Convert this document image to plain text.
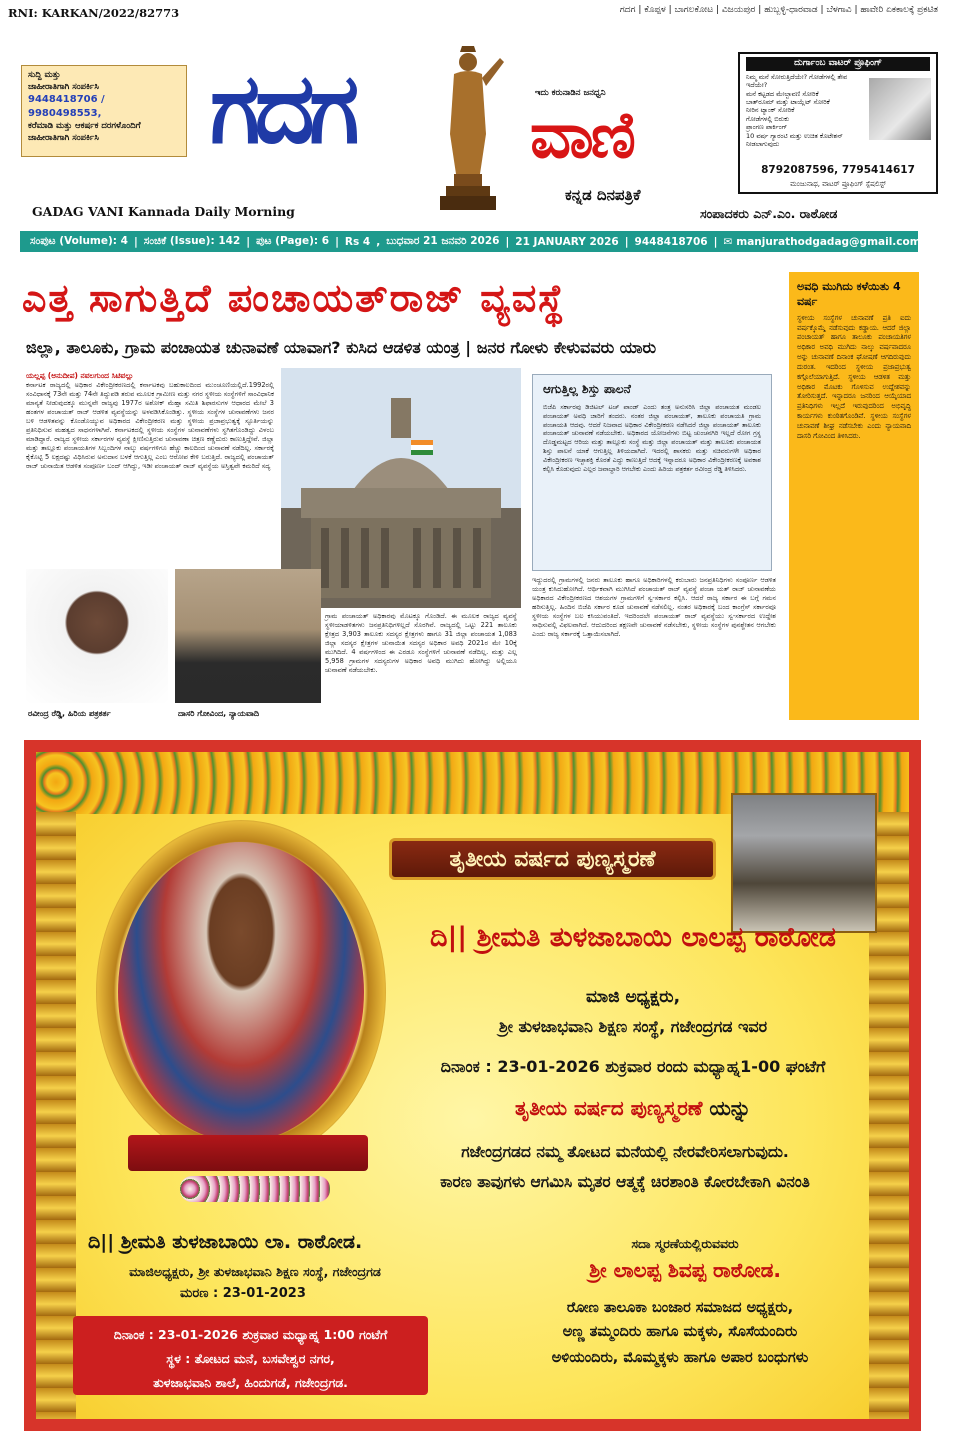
RNI: KARKAN/2022/82773	ಗದಗ | ಕೊಪ್ಪಳ | ಬಾಗಲಕೋಟ | ವಿಜಯಪುರ | ಹುಬ್ಬಳ್ಳಿ-ಧಾರವಾಡ | ಬೆಳಗಾವಿ | ಹಾವೇರಿ ಏಕಕಾಲಕ್ಕೆ ಪ್ರಕಟಿತ
ಸುದ್ದಿ ಮತ್ತು
ಜಾಹೀರಾತಿಗಾಗಿ ಸಂಪರ್ಕಿಸಿ
9448418706 / 9980498553,
ಕರೆಮಾಡಿ ಮತ್ತು ಆಕರ್ಷಕ ದರಗಳೊಂದಿಗೆ
ಜಾಹೀರಾತಿಗಾಗಿ ಸಂಪರ್ಕಿಸಿ	ಗದಗ	ಇದು ಕರುನಾಡಿನ ಜನಧ್ವನಿ
ವಾಣಿ
ಕನ್ನಡ ದಿನಪತ್ರಿಕೆ
GADAG VANI Kannada Daily Morning	ಸಂಪಾದಕರು ಎನ್.ಎಂ. ರಾಠೋಡ
ದುರ್ಗಾಂಬ ವಾಟರ್ ಪ್ರೂಫಿಂಗ್
ನಿಮ್ಮ ಮನೆ ಸೋರುತ್ತಿದೆಯೇ? ಗೋಡೆಗಳಲ್ಲಿ ತೇವ ಇದೆಯೇ?
ಮನೆ ಕಟ್ಟಡದ ಮೇಲ್ಛಾವಣಿ ಸೋರಿಕೆ
ಬಾತ್‌ರೂಮ್ ಮತ್ತು ಟಾಯ್ಲೆಟ್ ಸೋರಿಕೆ
ನೀರಿನ ಟ್ಯಾಂಕ್ ಸೋರಿಕೆ
ಗೋಡೆಗಳಲ್ಲಿ ಬಿರುಕು
ಪ್ರಾಂಗಣ ಪಾರ್ಕಿಂಗ್
10 ವರ್ಷ ಗ್ಯಾರಂಟಿ ಮತ್ತು ಉಚಿತ ಕೊಟೇಶನ್ ನೀಡಲಾಗುವುದು
8792087596, 7795414617
ಮಂಜುನಾಥ, ವಾಟರ್ ಪ್ರೂಫಿಂಗ್ ಸ್ಪೆಷಲಿಸ್ಟ್
ಸಂಪುಟ (Volume): 4 | ಸಂಚಿಕೆ (Issue): 142 | ಪುಟ (Page): 6 | Rs 4 , ಬುಧವಾರ 21 ಜನವರಿ 2026 | 21 JANUARY 2026 | 9448418706 | ✉ manjurathodgadag@gmail.com ◉ ಗದಗ
ಎತ್ತ ಸಾಗುತ್ತಿದೆ ಪಂಚಾಯತ್‌ರಾಜ್ ವ್ಯವಸ್ಥೆ
ಜಿಲ್ಲಾ, ತಾಲೂಕು, ಗ್ರಾಮ ಪಂಚಾಯತ ಚುನಾವಣೆ ಯಾವಾಗ? ಕುಸಿದ ಆಡಳಿತ ಯಂತ್ರ | ಜನರ ಗೋಳು ಕೇಳುವವರು ಯಾರು
ಯಲ್ಲಪ್ಪ (ಅನುದೀಪ) ನವಲಗುಂದ ಸಿಟಿವಲ್ಲು
ಕರ್ನಾಟಕ ರಾಜ್ಯದಲ್ಲಿ ಅಧಿಕಾರ ವಿಕೇಂದ್ರೀಕರಣದಲ್ಲಿ ಕರ್ನಾಟಕವು ಬಹುಕಾಲದಿಂದ ಮುಂಚೂಣಿಯಲ್ಲಿದೆ.1992ರಲ್ಲಿ ಸಂವಿಧಾನಕ್ಕೆ 73ನೇ ಮತ್ತು 74ನೇ ತಿದ್ದುಪಡಿ ತರುವ ಮೂಲಕ ಗ್ರಾಮೀಣ ಮತ್ತು ನಗರ ಸ್ಥಳೀಯ ಸಂಸ್ಥೆಗಳಿಗೆ ಸಾಂವಿಧಾನಿಕ ಮಾನ್ಯತೆ ನೀಡುವುದಕ್ಕೂ ಮುನ್ನವೇ ರಾಜ್ಯವು 1977ರ ಅಶೋಕ್ ಮೆಹ್ತಾ ಸಮಿತಿ ಶಿಫಾರಸುಗಳ ಆಧಾರದ ಮೇಲೆ 3 ಹಂತಗಳ ಪಂಚಾಯತ್ ರಾಜ್ ಆಡಳಿತ ವ್ಯವಸ್ಥೆಯನ್ನು ಅಳವಡಿಸಿಕೊಂಡಿತ್ತು. ಸ್ಥಳೀಯ ಸಂಸ್ಥೆಗಳ ಚುನಾವಣೆಗಳು ಜನರ ಬಳಿ ಆಡಳಿತವನ್ನು ಕೊಂಡೊಯ್ಯುವ ಅಧಿಕಾರದ ವಿಕೇಂದ್ರೀಕರಣ ಮತ್ತು ಸ್ಥಳೀಯ ಪ್ರಜಾಪ್ರಭುತ್ವಕ್ಕೆ ಸ್ಫೂರ್ತಿಯನ್ನು ಪ್ರತಿನಿಧಿಸುವ ಮಹತ್ವದ ಸಾಧನಗಳಾಗಿವೆ. ಕರ್ನಾಟಕದಲ್ಲಿ ಸ್ಥಳೀಯ ಸಂಸ್ಥೆಗಳ ಚುನಾವಣೆಗಳು ಸ್ಥಗಿತಗೊಂಡಿದ್ದು ವಿಳಂಬ ಮಾಡಿದ್ದಾರೆ. ರಾಜ್ಯದ ಸ್ಥಳೀಯ ಸರ್ಕಾರಗಳ ವ್ಯವಸ್ಥೆ ಕ್ಷೀಣಿಸುತ್ತಿರುವ ಚುನಾವಣಾ ಚಿತ್ರಣ ಕಣ್ಣೆದುರು ಕಾಣುತ್ತಿದ್ದೇವೆ. ಜಿಲ್ಲಾ ಮತ್ತು ತಾಲ್ಲೂಕು ಪಂಚಾಯತಿಗಳ ಸಿಬ್ಬಂದಿಗಳ ನಾಲ್ಕು ವರ್ಷಗಳಿಗೂ ಹೆಚ್ಚು ಕಾಲದಿಂದ ಚುನಾವಣೆ ನಡೆದಿಲ್ಲ. ಸರ್ಕಾರಕ್ಕೆ ಕೈಕೊಟ್ಟಿ 5 ಲಕ್ಷದಷ್ಟು ವಿಧಿಸಿರುವ ಅನುದಾನ ಬಳಕೆ ಆಗುತ್ತಿಲ್ಲ ಎಂಬ ಆರೋಪ ಕೇಳಿ ಬರುತ್ತಿದೆ. ರಾಜ್ಯದಲ್ಲಿ ಪಂಚಾಯತ್ ರಾಜ್ ಚುನಾಯಿತ ಆಡಳಿತ ಸಂಪೂರ್ಣ ಬಂದ್ ಆಗಿದ್ದು, ಇಡೀ ಪಂಚಾಯತ್ ರಾಜ್ ವ್ಯವಸ್ಥೆಯ ಅಸ್ತಿತ್ವವೇ ಕಮರಿದೆ ಸದ್ಯ
ಆಗುತ್ತಿಲ್ಲ ಶಿಸ್ತು ಪಾಲನೆ
ಬಿಜೆಪಿ ಸರ್ಕಾರವು ಡಿಜಿಟಲ್ ಟಚ್ ಪಾಂಡ್ ಎಂದು ತಂತ್ರ ಅನುಸರಿಸಿ ಜಿಲ್ಲಾ ಪಂಚಾಯತ ಮಂಡಲ ಪಂಚಾಯತ್ ಅವಧಿ ಜಾರಿಗೆ ತಂದರು. ನಂತರ ಜಿಲ್ಲಾ ಪಂಚಾಯತ್, ತಾಲೂಕು ಪಂಚಾಯತಿ ಗ್ರಾಮ ಪಂಚಾಯತಿ ಆದವು. ಆದರೆ ನಿಜವಾದ ಅಧಿಕಾರ ವಿಕೇಂದ್ರೀಕರಣ ನಡೆಸಿದರೆ ಜಿಲ್ಲಾ ಪಂಚಾಯತ್ ತಾಲೂಕು ಪಂಚಾಯತ್ ಚುನಾವಣೆ ನಡೆಯಬೇಕು. ಅಧಿಕಾರದ ಯೋಜನೆಗಳು ಬಿಟ್ಟ ಚುಂಚನಗಿರಿ ಇಲ್ಲದೆ ರೋಗ ಗ್ರಸ್ಥ ದೊಡ್ಡಮಟ್ಟದ ಆರಿಯ ಮತ್ತು ತಾಲ್ಲೂಕು ಸಂಸ್ಥೆ ಮತ್ತು ಜಿಲ್ಲಾ ಪಂಚಾಯತ್ ಮತ್ತು ತಾಲೂಕು ಪಂಚಾಯತ ಶಿಸ್ತು ಪಾಲನೆ ಯಾಕೆ ಆಗುತ್ತಿಲ್ಲ ತಿಳಿಯದಾಗಿದೆ. ಇದರಲ್ಲಿ ಶಾಸಕರು ಮತ್ತು ಸಚಿವರುಗಳೇ ಅಧಿಕಾರ ವಿಕೇಂದ್ರೀಕರಣ ಇಚ್ಛಾಶಕ್ತಿ ಕೊರತೆ ಎದ್ದು ಕಾಣುತ್ತಿದೆ ಆದಕ್ಕೆ ಇನ್ನಾದರೂ ಅಧಿಕಾರ ವಿಕೇಂದ್ರೀಕರಣಕ್ಕೆ ಅವಕಾಶ ಕಲ್ಪಿಸಿ ಕೊಡುವುದು ಎಲ್ಲರ ಜವಾಬ್ದಾರಿ ಆಗಬೇಕು ಎಂದು ಹಿರಿಯ ಪತ್ರಕರ್ತ ರವೀಂದ್ರ ರೆಡ್ಡಿ ತಿಳಿಸಿದರು.
ರವೀಂದ್ರ ರೆಡ್ಡಿ, ಹಿರಿಯ ಪತ್ರಕರ್ತ	ದಾಸರಿ ಗೋವಿಂದ, ನ್ಯಾಯವಾದಿ
ಗ್ರಾಮ ಪಂಚಾಯತ್ ಅಧಿಕಾರವು ಮೊಟಕ್ಕೂ ಗೊಂಡಿದೆ. ಈ ಮೂಲಕ ರಾಜ್ಯದ ವ್ಯವಸ್ಥೆ ಸ್ಥಳೀಯಾಡಳಿತಗಳು ಜನಪ್ರತಿನಿಧಿಗಳಿಲ್ಲದೆ ಸೊರಗಿವೆ. ರಾಜ್ಯದಲ್ಲಿ ಒಟ್ಟು 221 ತಾಲೂಕು ಕ್ಷೇತ್ರದ 3,903 ತಾಲೂಕು ಸದಸ್ಯರ ಕ್ಷೇತ್ರಗಳು ಹಾಗೂ 31 ಜಿಲ್ಲಾ ಪಂಚಾಯತ 1,083 ಜಿಲ್ಲಾ ಸದಸ್ಯರ ಕ್ಷೇತ್ರಗಳ ಚುನಾಯಿತ ಸದಸ್ಯರ ಅಧಿಕಾರ ಅವಧಿ 2021ರ ಮೇ 10ಕ್ಕೆ ಮುಗಿದಿದೆ. 4 ವರ್ಷಗಳಿಂದ ಈ ಎರಡೂ ಸಂಸ್ಥೆಗಳಿಗೆ ಚುನಾವಣೆ ನಡೆದಿಲ್ಲ. ಮತ್ತು ಎಲ್ಲ 5,958 ಗ್ರಾಮಗಳ ಸದಸ್ಯರುಗಳ ಅಧಿಕಾರ ಅವಧಿ ಮುಗಿದು ಹೋಗಿದ್ದು ಅಲ್ಲಿಯೂ ಚುನಾವಣೆ ನಡೆಯಬೇಕು.
ಇದ್ದುದರಲ್ಲಿ ಗ್ರಾಮಗಳಲ್ಲಿ ಜನರು ತಾಲೂಕು ಹಾಗೂ ಅಧಿಕಾರಿಗಳಲ್ಲಿ ಕರುಬಾರು ಜನಪ್ರತಿನಿಧಿಗಳು ಸಂಪೂರ್ಣ ಆಡಳಿತ ಯಂತ್ರ ಕುಸಿದುಹೋಗಿದೆ. ಆರ್ಥಿಕವಾಗಿ ಮುಗಿಸಿದೆ ಪಂಚಾಯತ್ ರಾಜ್ ವ್ಯವಸ್ಥೆ ಪಂಚಾ ಯತ್ ರಾಜ್ ಚುನಾವಣೆಯ ಅಧಿಕಾರದ ವಿಕೇಂದ್ರೀಕರಣದ ಆಶಯಗಳ ಗ್ರಾಮಗಳಿಗೆ ಸ್ವ-ಸರ್ಕಾರ ಕಲ್ಪಿಸಿ. ಆದರೆ ರಾಜ್ಯ ಸರ್ಕಾರ ಈ ಬಗ್ಗೆ ಗಮನ ಹರಿಸುತ್ತಿಲ್ಲ. ಹಿಂದಿನ ಬಿಜೆಪಿ ಸರ್ಕಾರ ಕೂಡ ಚುನಾವಣೆ ನಡೆಸಲಿಲ್ಲ. ನಂತರ ಅಧಿಕಾರಕ್ಕೆ ಬಂದ ಕಾಂಗ್ರೆಸ್ ಸರ್ಕಾರವೂ ಸ್ಥಳೀಯ ಸಂಸ್ಥೆಗಳ ಬಲ ಕಸಿಯುವಂತಿದೆ. ಇದರಿಂದಲೇ ಪಂಚಾಯತ್ ರಾಜ್ ವ್ಯವಸ್ಥೆಯು ಸ್ವ-ಸರ್ಕಾರದ ಉದ್ದೇಶ ಸಾಧಿಸುವಲ್ಲಿ ವಿಫಲವಾಗಿದೆ. ಆದುದರಿಂದ ತಕ್ಷಣವೇ ಚುನಾವಣೆ ನಡೆಸಬೇಕು, ಸ್ಥಳೀಯ ಸಂಸ್ಥೆಗಳ ಪುನಶ್ಚೇತನ ಆಗಬೇಕು ಎಂದು ರಾಜ್ಯ ಸರ್ಕಾರಕ್ಕೆ ಒತ್ತಾಯಿಸಲಾಗಿದೆ.
ಅವಧಿ ಮುಗಿದು ಕಳೆಯಿತು 4 ವರ್ಷ
ಸ್ಥಳೀಯ ಸಂಸ್ಥೆಗಳ ಚುನಾವಣೆ ಪ್ರತಿ ಐದು ವರ್ಷಕ್ಕೊಮ್ಮೆ ನಡೆಸುವುದು ಕಡ್ಡಾಯ. ಆದರೆ ಜಿಲ್ಲಾ ಪಂಚಾಯತ್ ಹಾಗೂ ತಾಲೂಕು ಪಂಚಾಯತಿಗಳ ಅಧಿಕಾರ ಅವಧಿ ಮುಗಿದು ನಾಲ್ಕು ವರ್ಷವಾದರೂ ಅನ್ನು ಚುನಾವಣೆ ದಿನಾಂಕ ಘೋಷಣೆ ಆಗದಿರುವುದು ದುರಂತ. ಇದರಿಂದ ಸ್ಥಳೀಯ ಪ್ರಜಾಪ್ರಭುತ್ವ ಕಗ್ಗೊಲೆಯಾಗುತ್ತಿದೆ. ಸ್ಥಳೀಯ ಆಡಳಿತ ಮತ್ತು ಅಧಿಕಾರ ಮೊಟಕು ಗೊಳಿಸುವ ಉದ್ದೇಶವನ್ನು ತೋರಿಸುತ್ತದೆ. ಇನ್ನಾದರೂ ಜನರಿಂದ ಆಯ್ಕೆಯಾದ ಪ್ರತಿನಿಧಿಗಳು ಇಲ್ಲದೆ ಇರುವುದರಿಂದ ಅಭಿವೃದ್ಧಿ ಕಾರ್ಯಗಳು ಕುಂಠಿತಗೊಂಡಿವೆ. ಸ್ಥಳೀಯ ಸಂಸ್ಥೆಗಳ ಚುನಾವಣೆ ಶೀಘ್ರ ನಡೆಸಬೇಕು ಎಂದು ನ್ಯಾಯವಾದಿ ದಾಸರಿ ಗೋವಿಂದ ತಿಳಿಸಿದರು.
ತೃತೀಯ ವರ್ಷದ ಪುಣ್ಯಸ್ಮರಣೆ
ದಿ|| ಶ್ರೀಮತಿ ತುಳಜಾಬಾಯಿ ಲಾಲಪ್ಪ ರಾಠೋಡ
ಮಾಜಿ ಅಧ್ಯಕ್ಷರು,
ಶ್ರೀ ತುಳಜಾಭವಾನಿ ಶಿಕ್ಷಣ ಸಂಸ್ಥೆ, ಗಜೇಂದ್ರಗಡ ಇವರ
ದಿನಾಂಕ : 23-01-2026 ಶುಕ್ರವಾರ ರಂದು ಮಧ್ಯಾಹ್ನ1-00 ಘಂಟೆಗೆ
ತೃತೀಯ ವರ್ಷದ ಪುಣ್ಯಸ್ಮರಣೆ ಯನ್ನು
ಗಜೇಂದ್ರಗಡದ ನಮ್ಮ ತೋಟದ ಮನೆಯಲ್ಲಿ ನೇರವೇರಿಸಲಾಗುವುದು.
ಕಾರಣ ತಾವುಗಳು ಆಗಮಿಸಿ ಮೃತರ ಆತ್ಮಕ್ಕೆ ಚಿರಶಾಂತಿ ಕೋರಬೇಕಾಗಿ ವಿನಂತಿ
ದಿ|| ಶ್ರೀಮತಿ ತುಳಜಾಬಾಯಿ ಲಾ. ರಾಠೋಡ.
ಮಾಜಿಅಧ್ಯಕ್ಷರು, ಶ್ರೀ ತುಳಜಾಭವಾನಿ ಶಿಕ್ಷಣ ಸಂಸ್ಥೆ, ಗಜೇಂದ್ರಗಡ
ಮರಣ : 23-01-2023
ದಿನಾಂಕ : 23-01-2026 ಶುಕ್ರವಾರ ಮಧ್ಯಾಹ್ನ 1:00 ಗಂಟೆಗೆ
ಸ್ಥಳ : ತೋಟದ ಮನೆ, ಬಸವೇಶ್ವರ ನಗರ,
ತುಳಜಾಭವಾನಿ ಶಾಲೆ, ಹಿಂದುಗಡೆ, ಗಜೇಂದ್ರಗಡ.
ಸದಾ ಸ್ಮರಣೆಯಲ್ಲಿರುವವರು
ಶ್ರೀ ಲಾಲಪ್ಪ ಶಿವಪ್ಪ ರಾಠೋಡ.
ರೋಣ ತಾಲೂಕಾ ಬಂಜಾರ ಸಮಾಜದ ಅಧ್ಯಕ್ಷರು,
ಅಣ್ಣ ತಮ್ಮಂದಿರು ಹಾಗೂ ಮಕ್ಕಳು, ಸೊಸೆಯಂದಿರು
ಅಳಿಯಂದಿರು, ಮೊಮ್ಮಕ್ಕಳು ಹಾಗೂ ಅಪಾರ ಬಂಧುಗಳು
